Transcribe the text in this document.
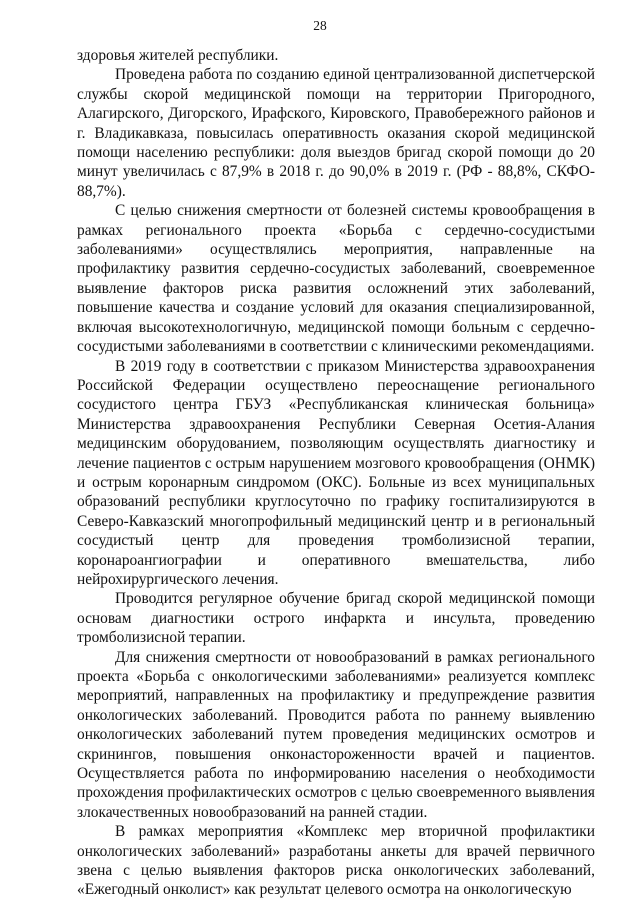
28

здоровья жителей республики.

Проведена работа по созданию единой централизованной диспетчерской службы скорой медицинской помощи на территории Пригородного, Алагирского, Дигорского, Ирафского, Кировского, Правобережного районов и г. Владикавказа, повысилась оперативность оказания скорой медицинской помощи населению республики: доля выездов бригад скорой помощи до 20 минут увеличилась с 87,9% в 2018 г. до 90,0% в 2019 г. (РФ - 88,8%, СКФО- 88,7%).

С целью снижения смертности от болезней системы кровообращения в рамках регионального проекта «Борьба с сердечно-сосудистыми заболеваниями» осуществлялись мероприятия, направленные на профилактику развития сердечно-сосудистых заболеваний, своевременное выявление факторов риска развития осложнений этих заболеваний, повышение качества и создание условий для оказания специализированной, включая высокотехнологичную, медицинской помощи больным с сердечно-сосудистыми заболеваниями в соответствии с клиническими рекомендациями.

В 2019 году в соответствии с приказом Министерства здравоохранения Российской Федерации осуществлено переоснащение регионального сосудистого центра ГБУЗ «Республиканская клиническая больница» Министерства здравоохранения Республики Северная Осетия-Алания медицинским оборудованием, позволяющим осуществлять диагностику и лечение пациентов с острым нарушением мозгового кровообращения (ОНМК) и острым коронарным синдромом (ОКС). Больные из всех муниципальных образований республики круглосуточно по графику госпитализируются в Северо-Кавказский многопрофильный медицинский центр и в региональный сосудистый центр для проведения тромболизисной терапии, коронароангиографии и оперативного вмешательства, либо нейрохирургического лечения.

Проводится регулярное обучение бригад скорой медицинской помощи основам диагностики острого инфаркта и инсульта, проведению тромболизисной терапии.

Для снижения смертности от новообразований в рамках регионального проекта «Борьба с онкологическими заболеваниями» реализуется комплекс мероприятий, направленных на профилактику и предупреждение развития онкологических заболеваний. Проводится работа по раннему выявлению онкологических заболеваний путем проведения медицинских осмотров и скринингов, повышения онконастороженности врачей и пациентов. Осуществляется работа по информированию населения о необходимости прохождения профилактических осмотров с целью своевременного выявления злокачественных новообразований на ранней стадии.

В рамках мероприятия «Комплекс мер вторичной профилактики онкологических заболеваний» разработаны анкеты для врачей первичного звена с целью выявления факторов риска онкологических заболеваний, «Ежегодный онколист» как результат целевого осмотра на онкологическую
